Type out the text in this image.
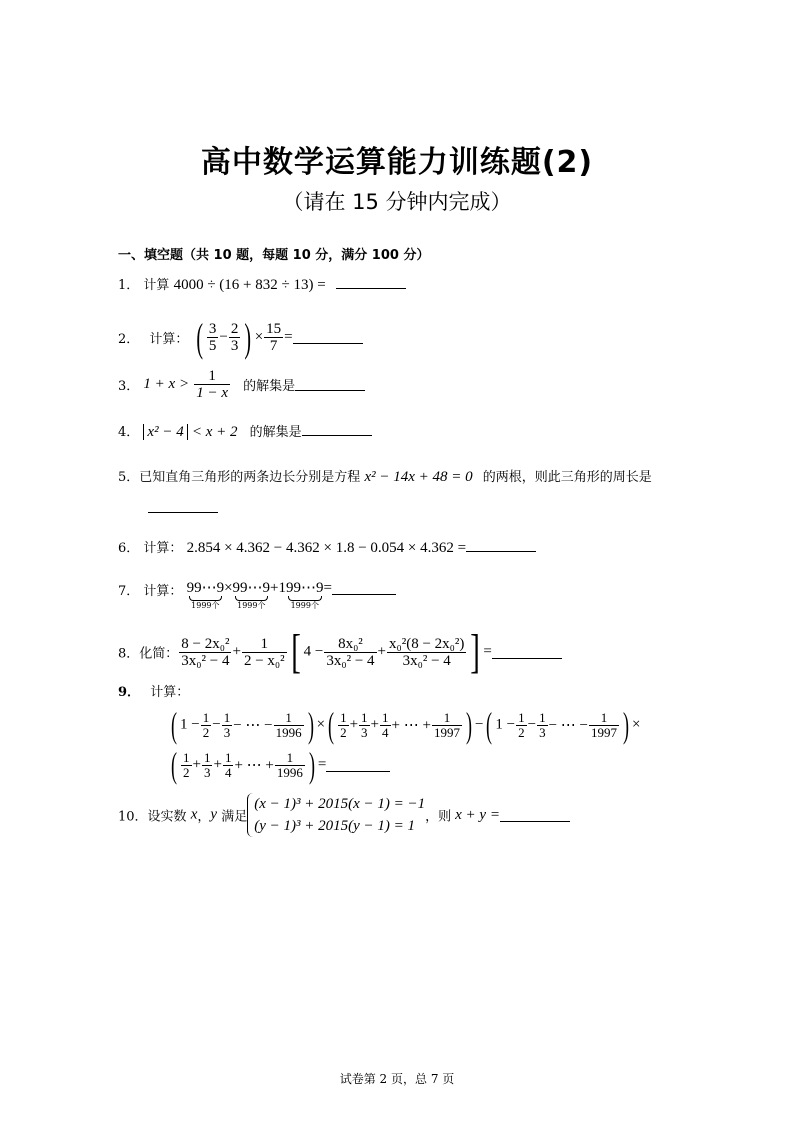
高中数学运算能力训练题(2)
（请在 15 分钟内完成）
一、填空题（共 10 题，每题 10 分，满分 100 分）
1． 计算 4000 ÷ (16 + 832 ÷ 13) =
2． 计算： ( $\frac{3}{5} - \frac{2}{3}$ ) × $\frac{15}{7}$ =
3． $1 + x > \frac{1}{1 - x}$ 的解集是
4． x² − 4 < x + 2 的解集是
5．已知直角三角形的两条边长分别是方程 x² − 14x + 48 = 0 的两根，则此三角形的周长是
6． 计算： 2.854 × 4.362 − 4.362 × 1.8 − 0.054 × 4.362 =
7． 计算： 99⋯9
1999个
× 99⋯9
1999个
+1 99⋯9
1999个
=
8．化简： $\frac{\text{8 − 2x₀²}}{\text{3x₀² − 4}} + \frac{1}{\text{2 − x₀²}}$ [ $4 - \frac{\text{8x₀²}}{\text{3x₀² − 4}} + \frac{\text{x₀²(8 − 2x₀²)}}{\text{3x₀² − 4}}$ ] =
9． 计算：
( $1 - \frac{1}{2} - \frac{1}{3}$ − ⋯ − $\frac{1}{1996}$ ) ×( $\frac{1}{2} + \frac{1}{3} + \frac{1}{4}$ + ⋯ + $\frac{1}{1997}$ ) −( $1 - \frac{1}{2} - \frac{1}{3}$ − ⋯ − $\frac{1}{1997}$ ) ×
( $\frac{1}{2} + \frac{1}{3} + \frac{1}{4}$ + ⋯ + $\frac{1}{1996}$ ) =
10．设实数 x，y 满足
(x − 1)³ + 2015(x − 1) = −1
(y − 1)³ + 2015(y − 1) = 1
，则 x + y =
试卷第 2 页，总 7 页
